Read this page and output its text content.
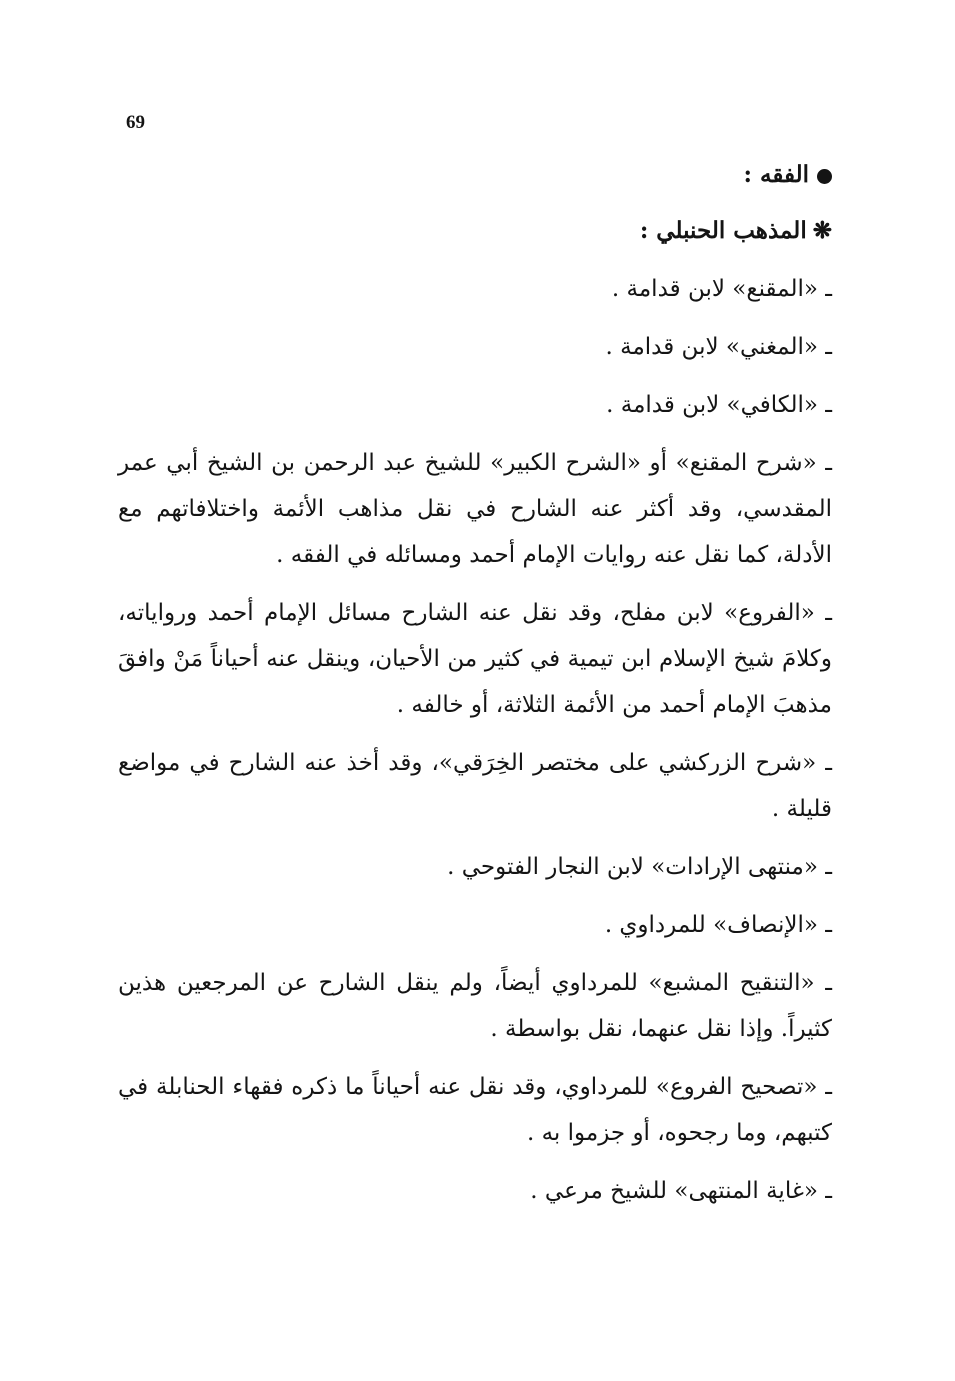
69
الفقه :
❋المذهب الحنبلي :

ـ «المقنع» لابن قدامة .

ـ «المغني» لابن قدامة .

ـ «الكافي» لابن قدامة .

ـ «شرح المقنع» أو «الشرح الكبير» للشيخ عبد الرحمن بن الشيخ أبي عمر المقدسي، وقد أكثر عنه الشارح في نقل مذاهب الأئمة واختلافاتهم مع الأدلة، كما نقل عنه روايات الإمام أحمد ومسائله في الفقه .

ـ «الفروع» لابن مفلح، وقد نقل عنه الشارح مسائل الإمام أحمد ورواياته، وكلامَ شيخ الإسلام ابن تيمية في كثير من الأحيان، وينقل عنه أحياناً مَنْ وافقَ مذهبَ الإمام أحمد من الأئمة الثلاثة، أو خالفه .

ـ «شرح الزركشي على مختصر الخِرَقي»، وقد أخذ عنه الشارح في مواضع قليلة .

ـ «منتهى الإرادات» لابن النجار الفتوحي .

ـ «الإنصاف» للمرداوي .

ـ «التنقيح المشبع» للمرداوي أيضاً، ولم ينقل الشارح عن المرجعين هذين كثيراً. وإذا نقل عنهما، نقل بواسطة .

ـ «تصحيح الفروع» للمرداوي، وقد نقل عنه أحياناً ما ذكره فقهاء الحنابلة في كتبهم، وما رجحوه، أو جزموا به .

ـ «غاية المنتهى» للشيخ مرعي .
